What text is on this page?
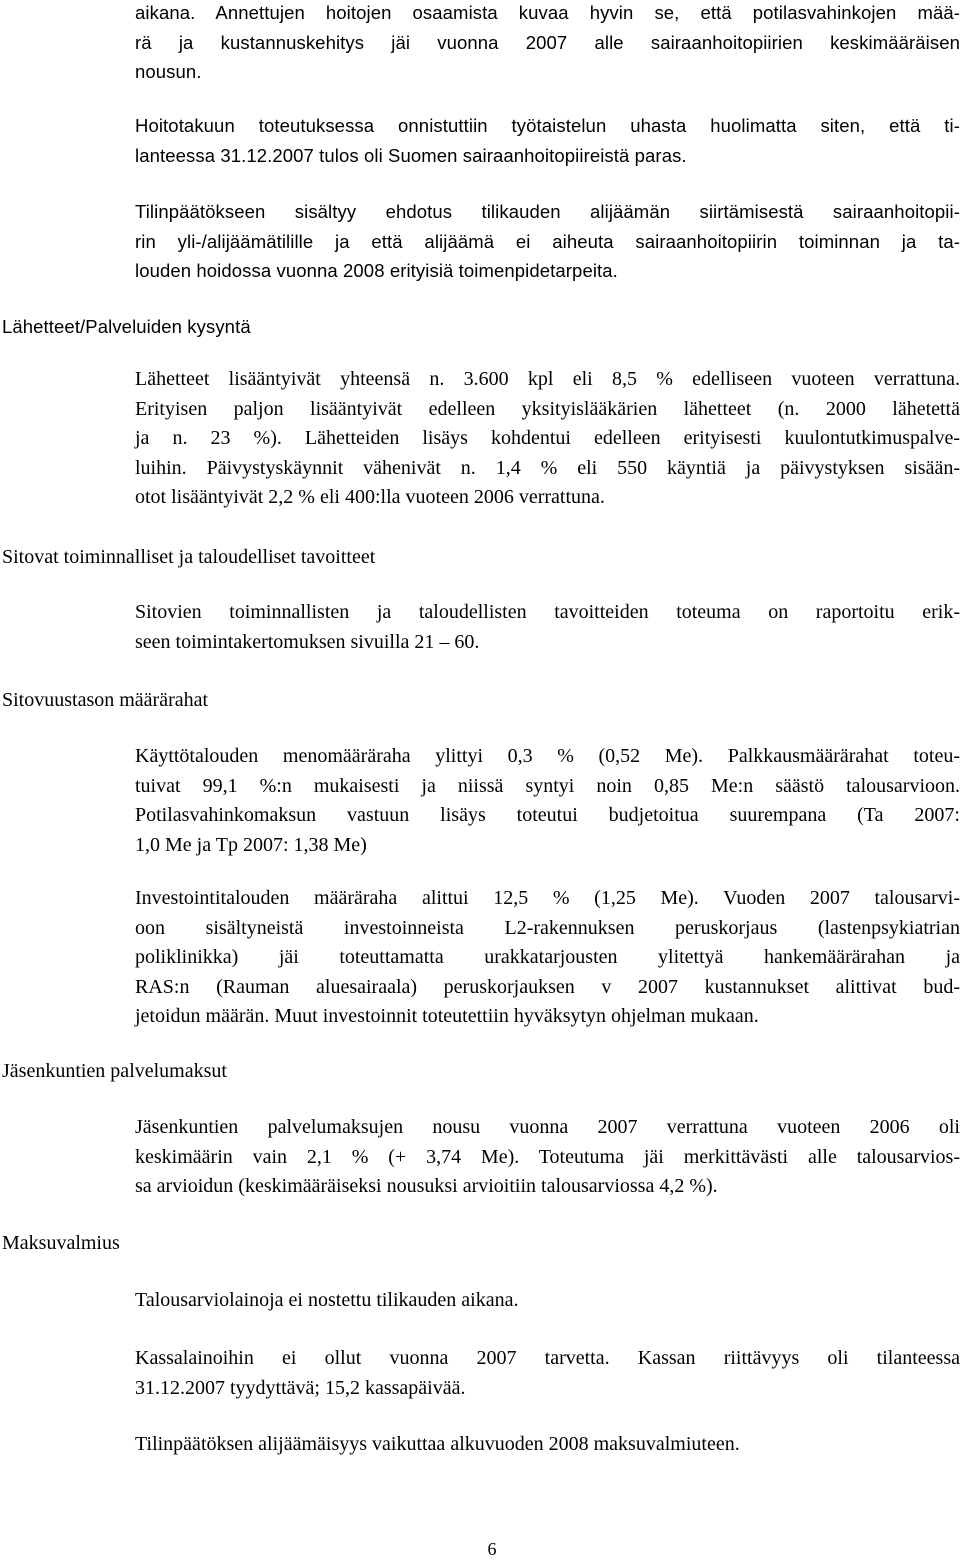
aikana. Annettujen hoitojen osaamista kuvaa hyvin se, että potilasvahinkojen mää-
rä ja kustannuskehitys jäi vuonna 2007 alle sairaanhoitopiirien keskimääräisen
nousun.
Hoitotakuun toteutuksessa onnistuttiin työtaistelun uhasta huolimatta siten, että ti-
lanteessa 31.12.2007 tulos oli Suomen sairaanhoitopiireistä paras.
Tilinpäätökseen sisältyy ehdotus tilikauden alijäämän siirtämisestä sairaanhoitopii-
rin yli-/alijäämätilille ja että alijäämä ei aiheuta sairaanhoitopiirin toiminnan ja ta-
louden hoidossa vuonna 2008 erityisiä toimenpidetarpeita.
Lähetteet/Palveluiden kysyntä
Lähetteet lisääntyivät yhteensä n. 3.600 kpl eli 8,5 % edelliseen vuoteen verrattuna.
Erityisen paljon lisääntyivät edelleen yksityislääkärien lähetteet (n. 2000 lähetettä
ja n. 23 %). Lähetteiden lisäys kohdentui edelleen erityisesti kuulontutkimuspalve-
luihin. Päivystyskäynnit vähenivät n. 1,4 % eli 550 käyntiä ja päivystyksen sisään-
otot lisääntyivät 2,2 % eli 400:lla vuoteen 2006 verrattuna.
Sitovat toiminnalliset ja taloudelliset tavoitteet
Sitovien toiminnallisten ja taloudellisten tavoitteiden toteuma on raportoitu erik-
seen toimintakertomuksen sivuilla 21 – 60.
Sitovuustason määrärahat
Käyttötalouden menomääräraha ylittyi 0,3 % (0,52 Me). Palkkausmäärärahat toteu-
tuivat 99,1 %:n mukaisesti ja niissä syntyi noin 0,85 Me:n säästö talousarvioon.
Potilasvahinkomaksun vastuun lisäys toteutui budjetoitua suurempana (Ta 2007:
1,0 Me ja Tp 2007: 1,38 Me)
Investointitalouden määräraha alittui 12,5 % (1,25 Me). Vuoden 2007 talousarvi-
oon sisältyneistä investoinneista L2-rakennuksen peruskorjaus (lastenpsykiatrian
poliklinikka) jäi toteuttamatta urakkatarjousten ylitettyä hankemäärärahan ja
RAS:n (Rauman aluesairaala) peruskorjauksen v 2007 kustannukset alittivat bud-
jetoidun määrän. Muut investoinnit toteutettiin hyväksytyn ohjelman mukaan.
Jäsenkuntien palvelumaksut
Jäsenkuntien palvelumaksujen nousu vuonna 2007 verrattuna vuoteen 2006 oli
keskimäärin vain 2,1 % (+ 3,74 Me). Toteutuma jäi merkittävästi alle talousarvios-
sa arvioidun (keskimääräiseksi nousuksi arvioitiin talousarviossa 4,2 %).
Maksuvalmius
Talousarviolainoja ei nostettu tilikauden aikana.
Kassalainoihin ei ollut vuonna 2007 tarvetta. Kassan riittävyys oli tilanteessa
31.12.2007 tyydyttävä; 15,2 kassapäivää.
Tilinpäätöksen alijäämäisyys vaikuttaa alkuvuoden 2008 maksuvalmiuteen.
6
